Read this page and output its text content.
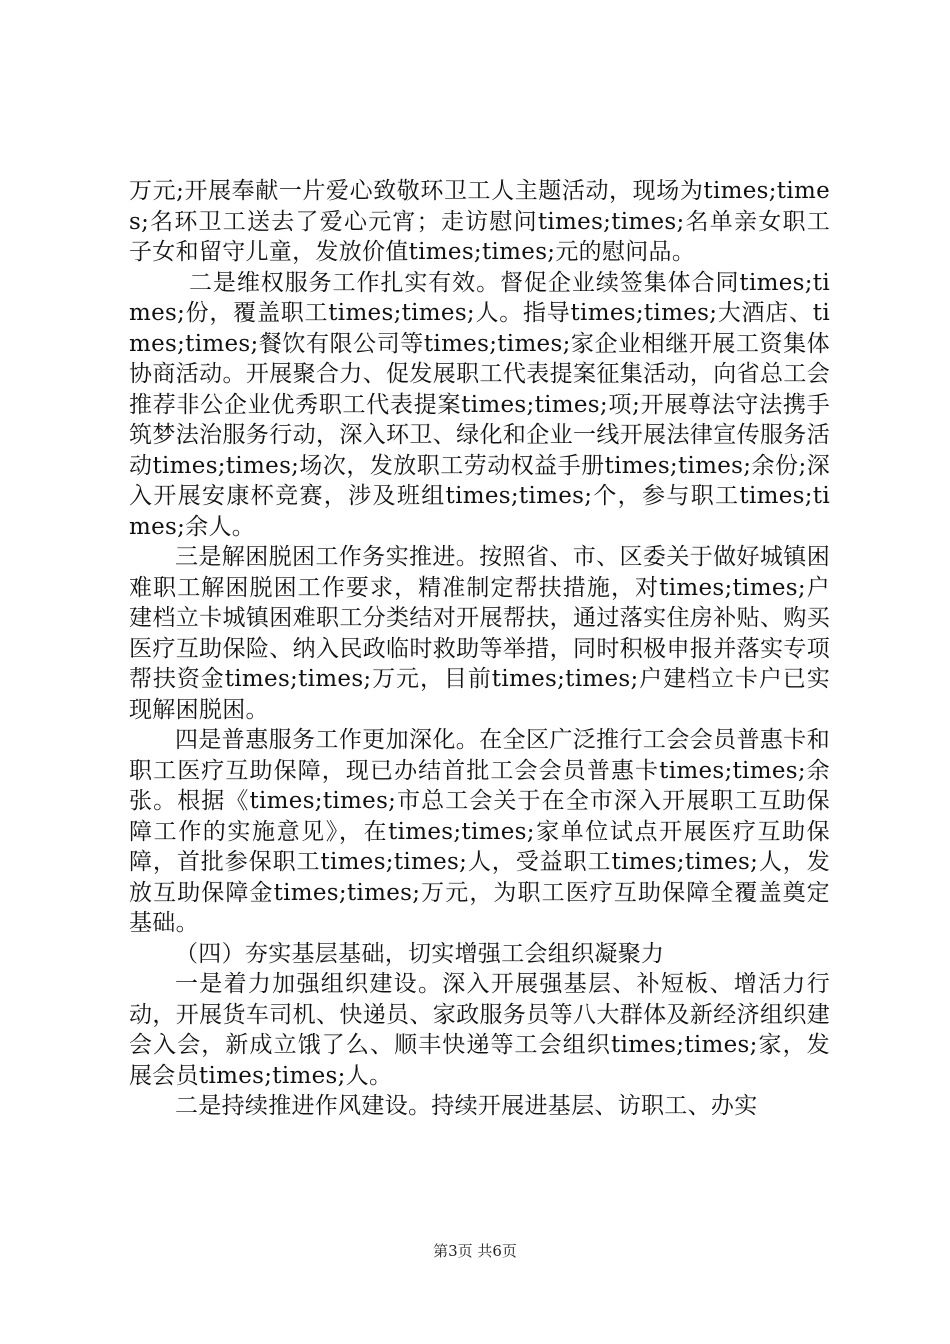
万元;开展奉献一片爱心致敬环卫工人主题活动，现场为times;times;名环卫工送去了爱心元宵；走访慰问times;times;名单亲女职工子女和留守儿童，发放价值times;times;元的慰问品。

二是维权服务工作扎实有效。督促企业续签集体合同times;times;份，覆盖职工times;times;人。指导times;times;大酒店、times;times;餐饮有限公司等times;times;家企业相继开展工资集体协商活动。开展聚合力、促发展职工代表提案征集活动，向省总工会推荐非公企业优秀职工代表提案times;times;项;开展尊法守法携手筑梦法治服务行动，深入环卫、绿化和企业一线开展法律宣传服务活动times;times;场次，发放职工劳动权益手册times;times;余份;深入开展安康杯竞赛，涉及班组times;times;个，参与职工times;times;余人。

三是解困脱困工作务实推进。按照省、市、区委关于做好城镇困难职工解困脱困工作要求，精准制定帮扶措施，对times;times;户建档立卡城镇困难职工分类结对开展帮扶，通过落实住房补贴、购买医疗互助保险、纳入民政临时救助等举措，同时积极申报并落实专项帮扶资金times;times;万元，目前times;times;户建档立卡户已实现解困脱困。

四是普惠服务工作更加深化。在全区广泛推行工会会员普惠卡和职工医疗互助保障，现已办结首批工会会员普惠卡times;times;余张。根据《times;times;市总工会关于在全市深入开展职工互助保障工作的实施意见》，在times;times;家单位试点开展医疗互助保障，首批参保职工times;times;人，受益职工times;times;人，发放互助保障金times;times;万元，为职工医疗互助保障全覆盖奠定基础。

（四）夯实基层基础，切实增强工会组织凝聚力

一是着力加强组织建设。深入开展强基层、补短板、增活力行动，开展货车司机、快递员、家政服务员等八大群体及新经济组织建会入会，新成立饿了么、顺丰快递等工会组织times;times;家，发展会员times;times;人。

二是持续推进作风建设。持续开展进基层、访职工、办实

第3页 共6页
